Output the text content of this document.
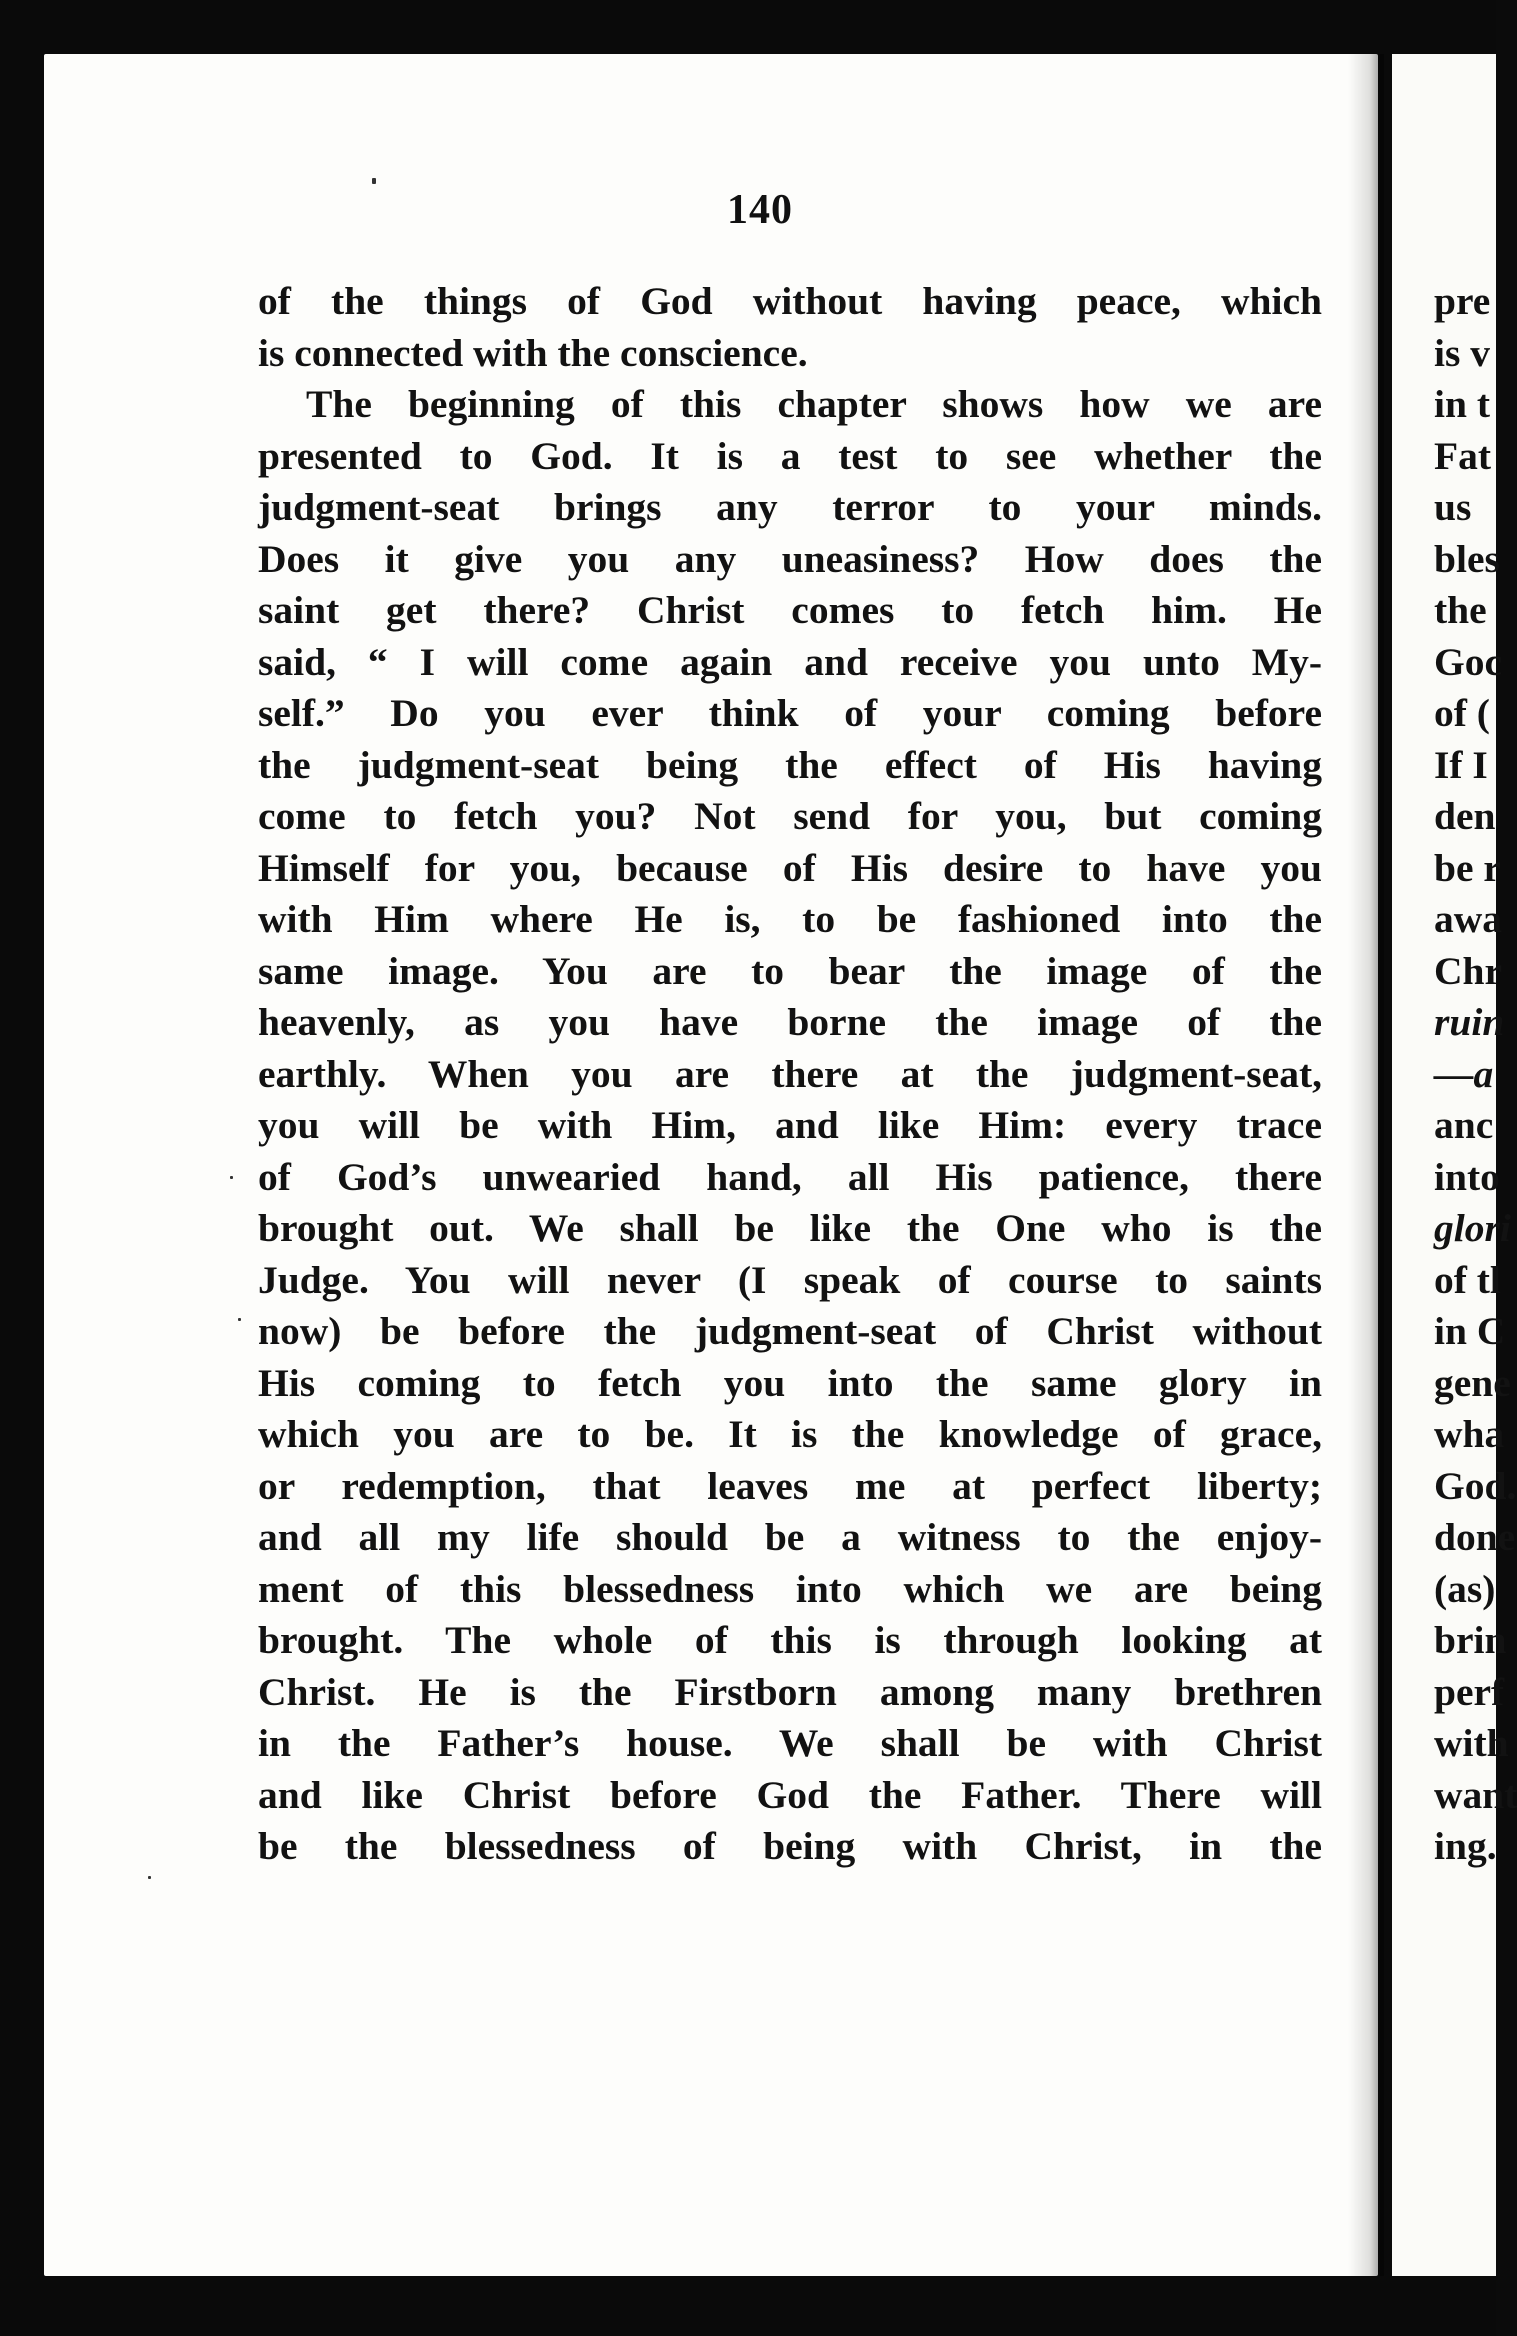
140
of the things of God without having peace, which
is connected with the conscience.
The beginning of this chapter shows how we are
presented to God. It is a test to see whether the
judgment-seat brings any terror to your minds.
Does it give you any uneasiness? How does the
saint get there? Christ comes to fetch him. He
said, “ I will come again and receive you unto My-
self.” Do you ever think of your coming before
the judgment-seat being the effect of His having
come to fetch you? Not send for you, but coming
Himself for you, because of His desire to have you
with Him where He is, to be fashioned into the
same image. You are to bear the image of the
heavenly, as you have borne the image of the
earthly. When you are there at the judgment-seat,
you will be with Him, and like Him: every trace
of God’s unwearied hand, all His patience, there
brought out. We shall be like the One who is the
Judge. You will never (I speak of course to saints
now) be before the judgment-seat of Christ without
His coming to fetch you into the same glory in
which you are to be. It is the knowledge of grace,
or redemption, that leaves me at perfect liberty;
and all my life should be a witness to the enjoy-
ment of this blessedness into which we are being
brought. The whole of this is through looking at
Christ. He is the Firstborn among many brethren
in the Father’s house. We shall be with Christ
and like Christ before God the Father. There will
be the blessedness of being with Christ, in the
pre
is v
in t
Fat
us
bles
the
Goc
of (
If I
den
be r
awa
Chr
ruin
—a
anc
into
glori
of tl
in C
gene
wha
God.
done
(as)
brin
perf
with
want
ing.
